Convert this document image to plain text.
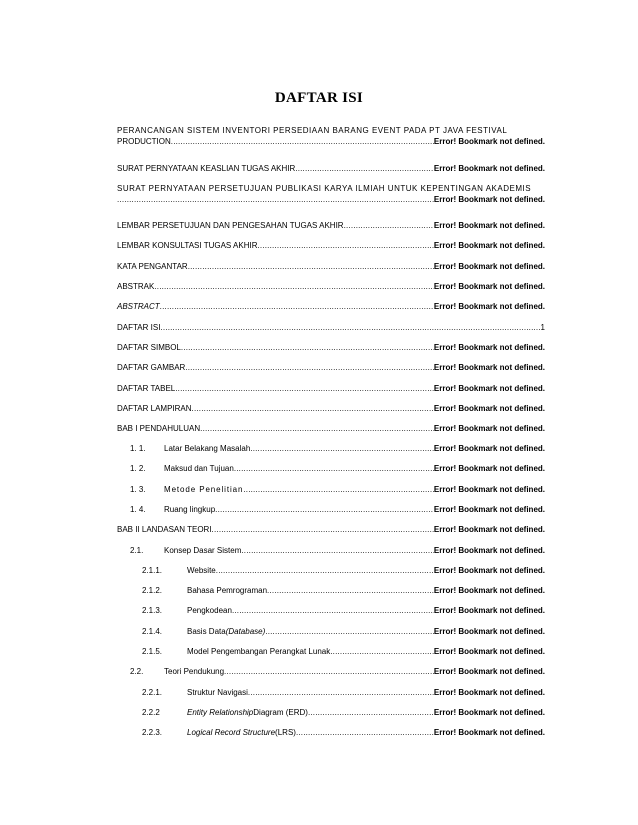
DAFTAR ISI
PERANCANGAN SISTEM INVENTORI PERSEDIAAN BARANG EVENT PADA PT JAVA FESTIVAL
PRODUCTION .....	Error! Bookmark not defined.
SURAT PERNYATAAN KEASLIAN TUGAS AKHIR .....	Error! Bookmark not defined.
SURAT PERNYATAAN PERSETUJUAN PUBLIKASI KARYA ILMIAH UNTUK KEPENTINGAN AKADEMIS
.....
Error! Bookmark not defined.
LEMBAR PERSETUJUAN DAN PENGESAHAN TUGAS AKHIR .....	Error! Bookmark not defined.
LEMBAR KONSULTASI TUGAS AKHIR .....	Error! Bookmark not defined.
KATA PENGANTAR .....	Error! Bookmark not defined.
ABSTRAK .....	Error! Bookmark not defined.
ABSTRACT .....	Error! Bookmark not defined.
DAFTAR ISI .....	1
DAFTAR SIMBOL .....	Error! Bookmark not defined.
DAFTAR GAMBAR .....	Error! Bookmark not defined.
DAFTAR TABEL .....	Error! Bookmark not defined.
DAFTAR LAMPIRAN .....	Error! Bookmark not defined.
BAB I PENDAHULUAN .....	Error! Bookmark not defined.
1. 1.	Latar Belakang Masalah .....	Error! Bookmark not defined.
1. 2.	Maksud dan Tujuan .....	Error! Bookmark not defined.
1. 3.	Metode Penelitian .....	Error! Bookmark not defined.
1. 4.	Ruang lingkup .....	Error! Bookmark not defined.
BAB II LANDASAN TEORI .....	Error! Bookmark not defined.
2.1.	Konsep Dasar Sistem .....	Error! Bookmark not defined.
2.1.1.	Website .....	Error! Bookmark not defined.
2.1.2.	Bahasa Pemrograman .....	Error! Bookmark not defined.
2.1.3.	Pengkodean .....	Error! Bookmark not defined.
2.1.4.	Basis Data (Database) .....	Error! Bookmark not defined.
2.1.5.	Model Pengembangan Perangkat Lunak .....	Error! Bookmark not defined.
2.2.	Teori Pendukung .....	Error! Bookmark not defined.
2.2.1.	Struktur Navigasi .....	Error! Bookmark not defined.
2.2.2	Entity Relationship Diagram (ERD) .....	Error! Bookmark not defined.
2.2.3.	Logical Record Structure (LRS) .....	Error! Bookmark not defined.
